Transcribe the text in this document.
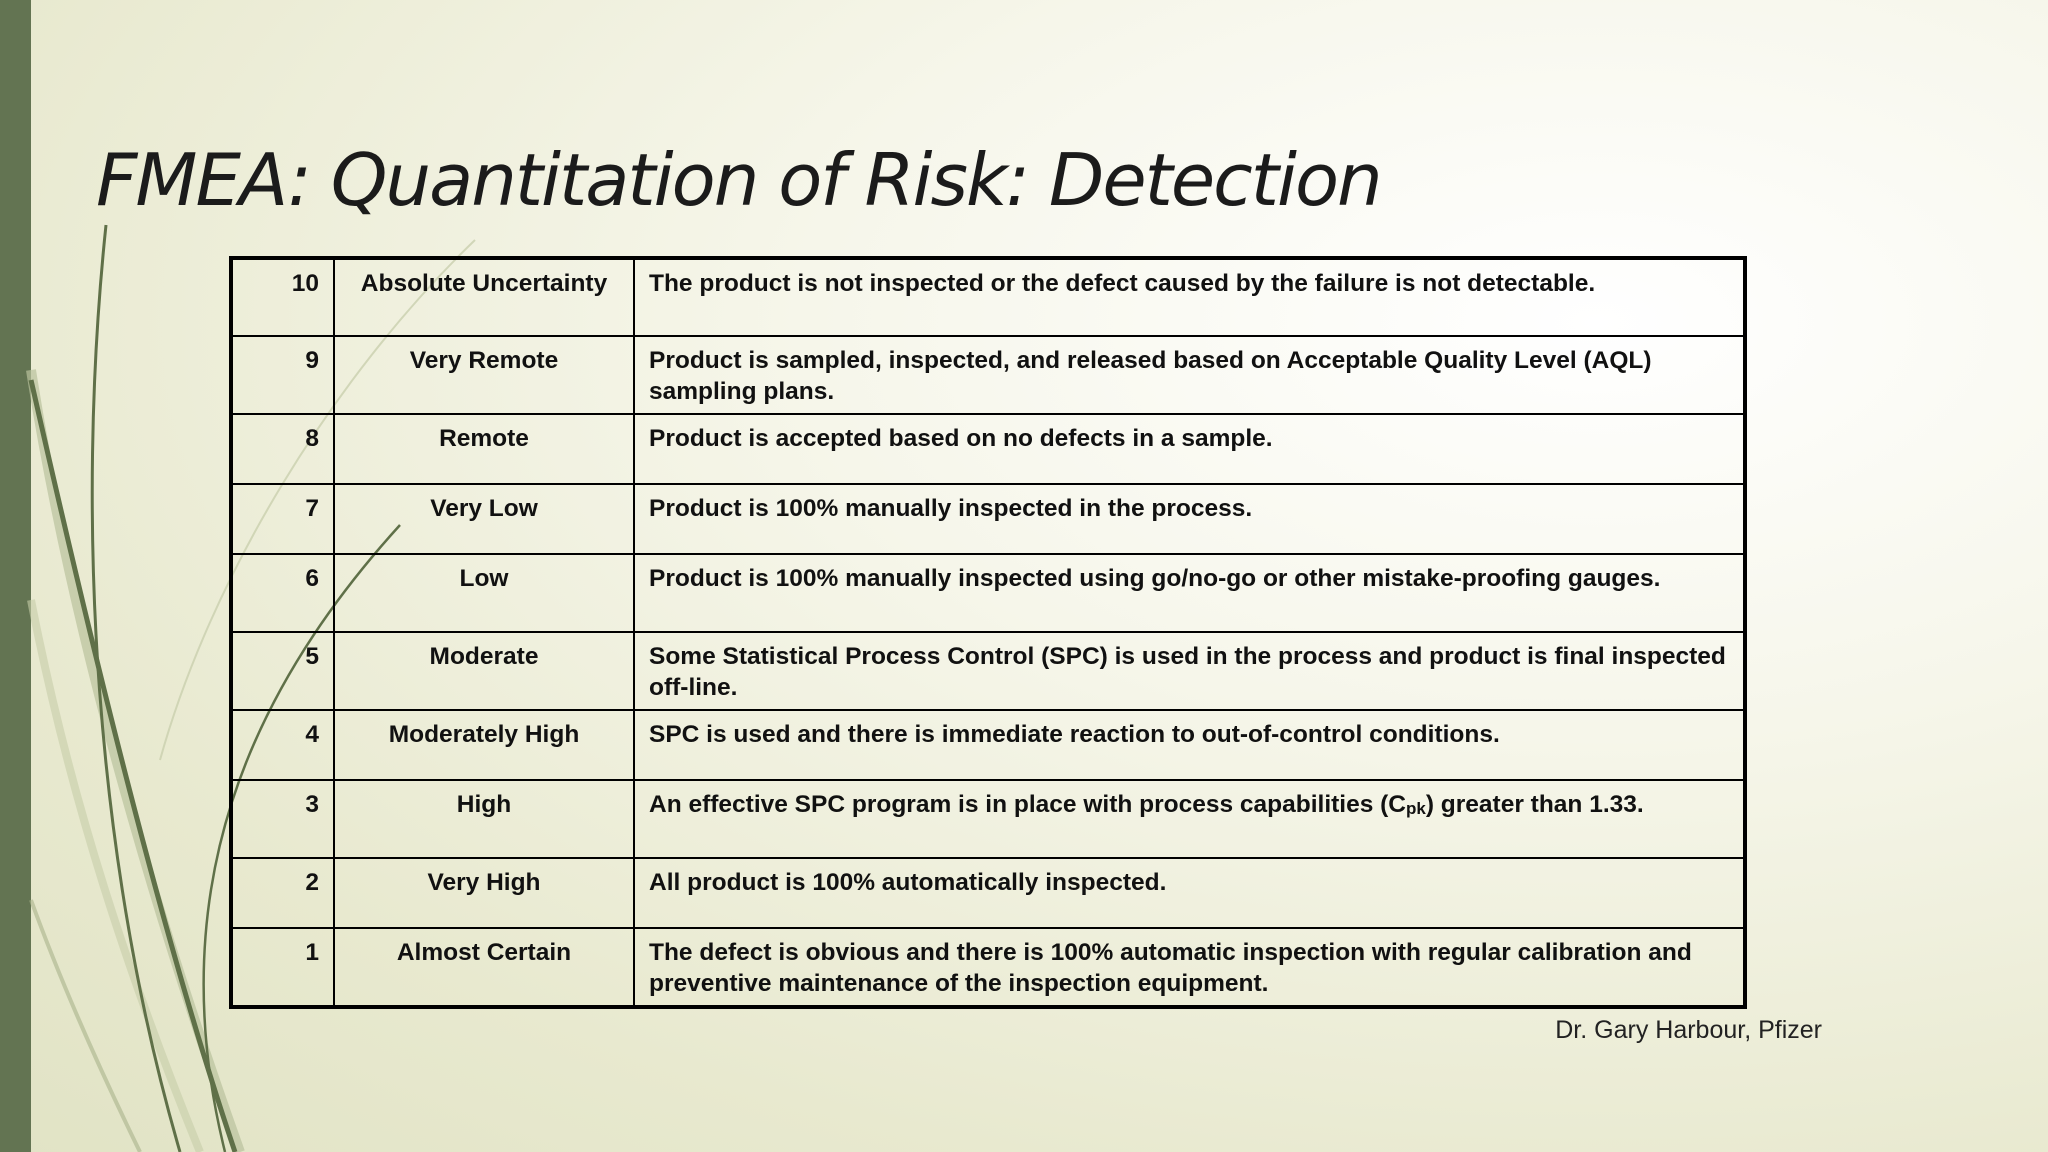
FMEA: Quantitation of Risk: Detection
10	Absolute Uncertainty	The product is not inspected or the defect caused by the failure is not detectable.
9	Very Remote	Product is sampled, inspected, and released based on Acceptable Quality Level (AQL) sampling plans.
8	Remote	Product is accepted based on no defects in a sample.
7	Very Low	Product is 100% manually inspected in the process.
6	Low	Product is 100% manually inspected using go/no-go or other mistake-proofing gauges.
5	Moderate	Some Statistical Process Control (SPC) is used in the process and product is final inspected off-line.
4	Moderately High	SPC is used and there is immediate reaction to out-of-control conditions.
3	High	An effective SPC program is in place with process capabilities $(C_{pk})$ greater than 1.33.
2	Very High	All product is 100% automatically inspected.
1	Almost Certain	The defect is obvious and there is 100% automatic inspection with regular calibration and preventive maintenance of the inspection equipment.
Dr. Gary Harbour, Pfizer
